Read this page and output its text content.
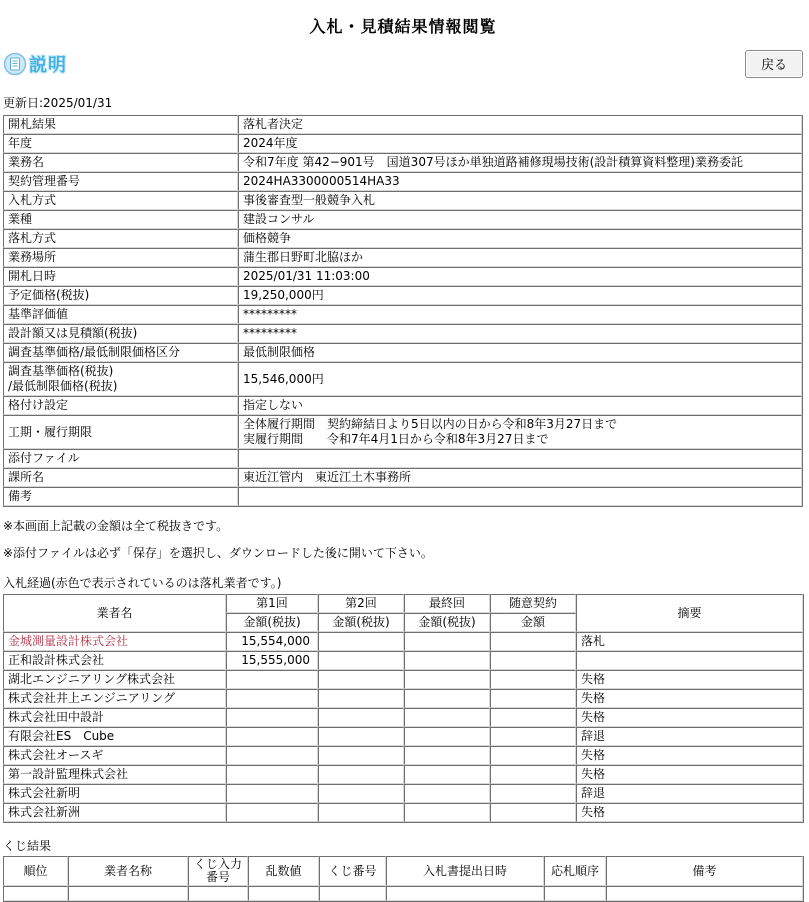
入札・見積結果情報閲覧
説明	戻る
更新日:2025/01/31
開札結果	落札者決定
年度	2024年度
業務名	令和7年度 第42−901号　国道307号ほか単独道路補修現場技術(設計積算資料整理)業務委託
契約管理番号	2024HA3300000514HA33
入札方式	事後審査型一般競争入札
業種	建設コンサル
落札方式	価格競争
業務場所	蒲生郡日野町北脇ほか
開札日時	2025/01/31 11:03:00
予定価格(税抜)	19,250,000円
基準評価値	*********
設計額又は見積額(税抜)	*********
調査基準価格/最低制限価格区分	最低制限価格

調査基準価格(税抜)
/最低制限価格(税抜)	15,546,000円
格付け設定	指定しない
工期・履行期限	全体履行期間　契約締結日より5日以内の日から令和8年3月27日まで
実履行期間　　令和7年4月1日から令和8年3月27日まで

添付ファイル	
課所名	東近江管内　東近江土木事務所
備考	
※本画面上記載の金額は全て税抜きです。
※添付ファイルは必ず「保存」を選択し、ダウンロードした後に開いて下さい。
入札経過(赤色で表示されているのは落札業者です。)
業者名	第1回	第2回	最終回	随意契約	摘要
	金額(税抜)	金額(税抜)	金額(税抜)	金額	
金城測量設計株式会社	15,554,000				落札
正和設計株式会社	15,555,000				
湖北エンジニアリング株式会社					失格
株式会社井上エンジニアリング					失格
株式会社田中設計					失格
有限会社ES　Cube					辞退
株式会社オースギ					失格
第一設計監理株式会社					失格
株式会社新明					辞退
株式会社新洲					失格
くじ結果
順位	業者名称	くじ入力番号	乱数値	くじ番号	入札書提出日時	応札順序	備考
